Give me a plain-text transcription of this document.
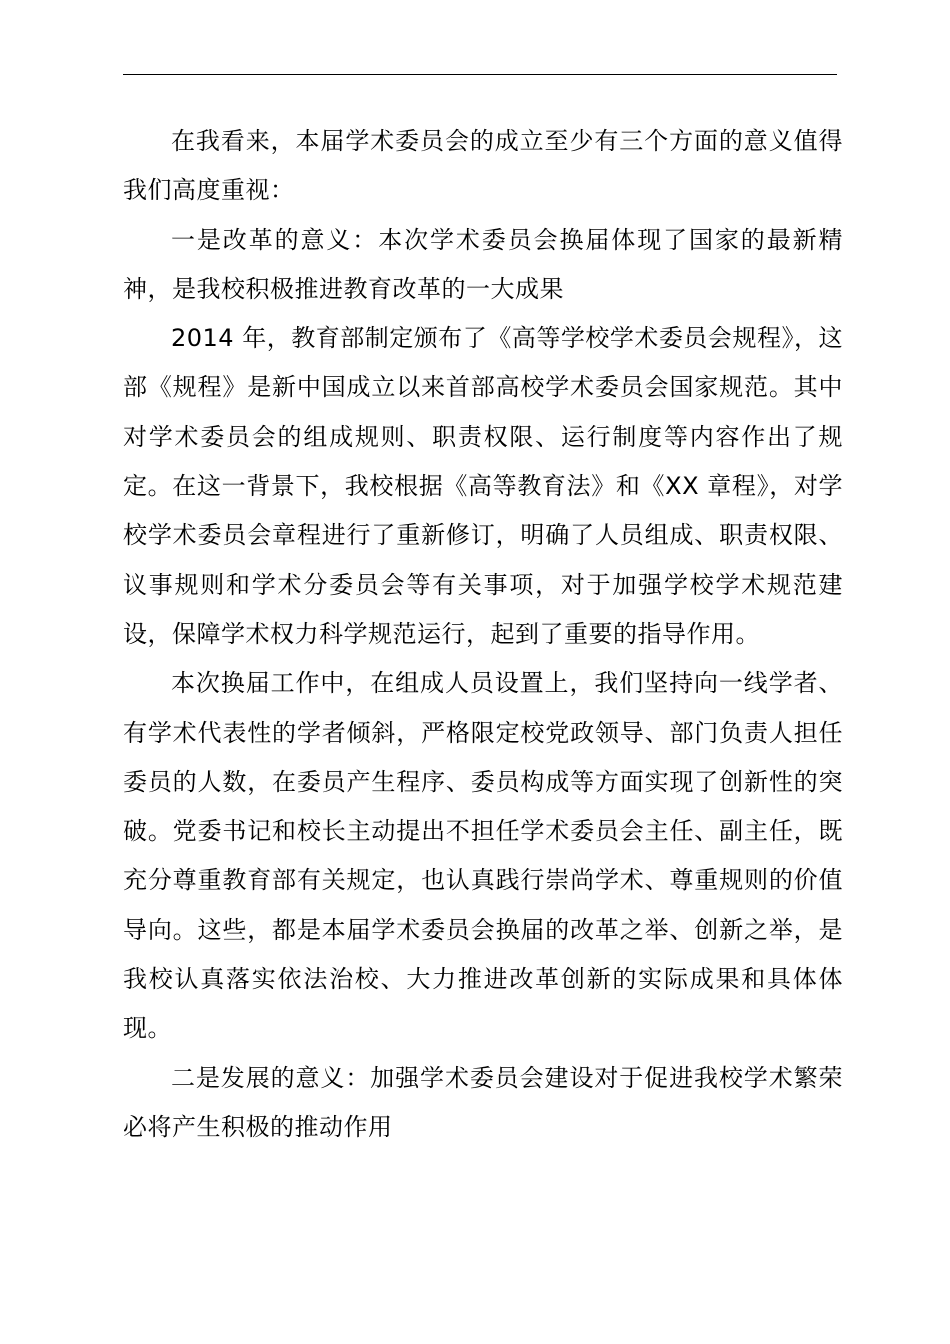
在我看来，本届学术委员会的成立至少有三个方面的意义值得我们高度重视：

一是改革的意义：本次学术委员会换届体现了国家的最新精神，是我校积极推进教育改革的一大成果

2014 年，教育部制定颁布了《高等学校学术委员会规程》，这部《规程》是新中国成立以来首部高校学术委员会国家规范。其中对学术委员会的组成规则、职责权限、运行制度等内容作出了规定。在这一背景下，我校根据《高等教育法》和《XX 章程》，对学校学术委员会章程进行了重新修订，明确了人员组成、职责权限、议事规则和学术分委员会等有关事项，对于加强学校学术规范建设，保障学术权力科学规范运行，起到了重要的指导作用。

本次换届工作中，在组成人员设置上，我们坚持向一线学者、有学术代表性的学者倾斜，严格限定校党政领导、部门负责人担任委员的人数，在委员产生程序、委员构成等方面实现了创新性的突破。党委书记和校长主动提出不担任学术委员会主任、副主任，既充分尊重教育部有关规定，也认真践行崇尚学术、尊重规则的价值导向。这些，都是本届学术委员会换届的改革之举、创新之举，是我校认真落实依法治校、大力推进改革创新的实际成果和具体体现。

二是发展的意义：加强学术委员会建设对于促进我校学术繁荣必将产生积极的推动作用
